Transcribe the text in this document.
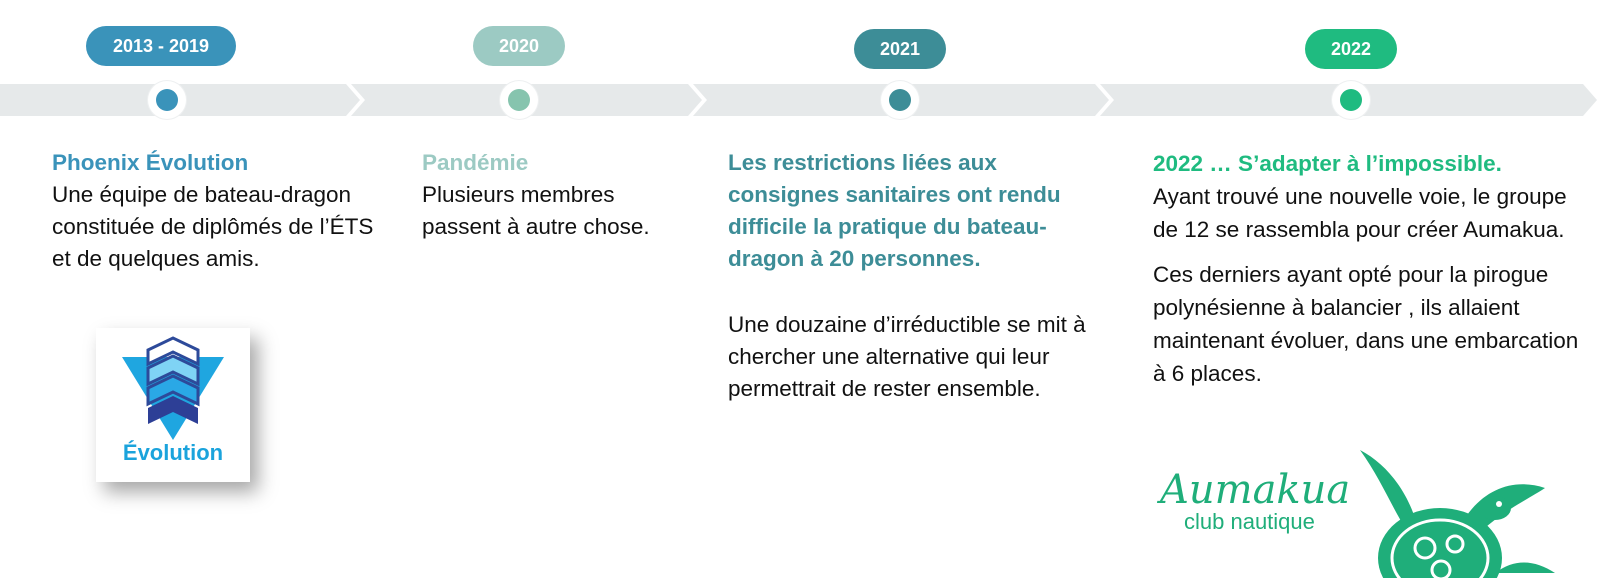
2013 - 2019	2020	2021	2022
Phoenix Évolution

Une équipe de bateau-dragon constituée de diplômés de l’ÉTS et de quelques amis.

Pandémie

Plusieurs membres passent à autre chose.

Les restrictions liées aux consignes sanitaires ont rendu difficile la pratique du bateau-dragon à 20 personnes.

Une douzaine d’irréductible se mit à chercher une alternative qui leur permettrait de rester ensemble.

2022 … S’adapter à l’impossible.

Ayant trouvé une nouvelle voie, le groupe de 12 se rassembla pour créer Aumakua.

Ces derniers ayant opté pour la pirogue polynésienne à balancier , ils allaient maintenant évoluer, dans une embarcation à 6 places.

Évolution
Aumakua
club nautique
